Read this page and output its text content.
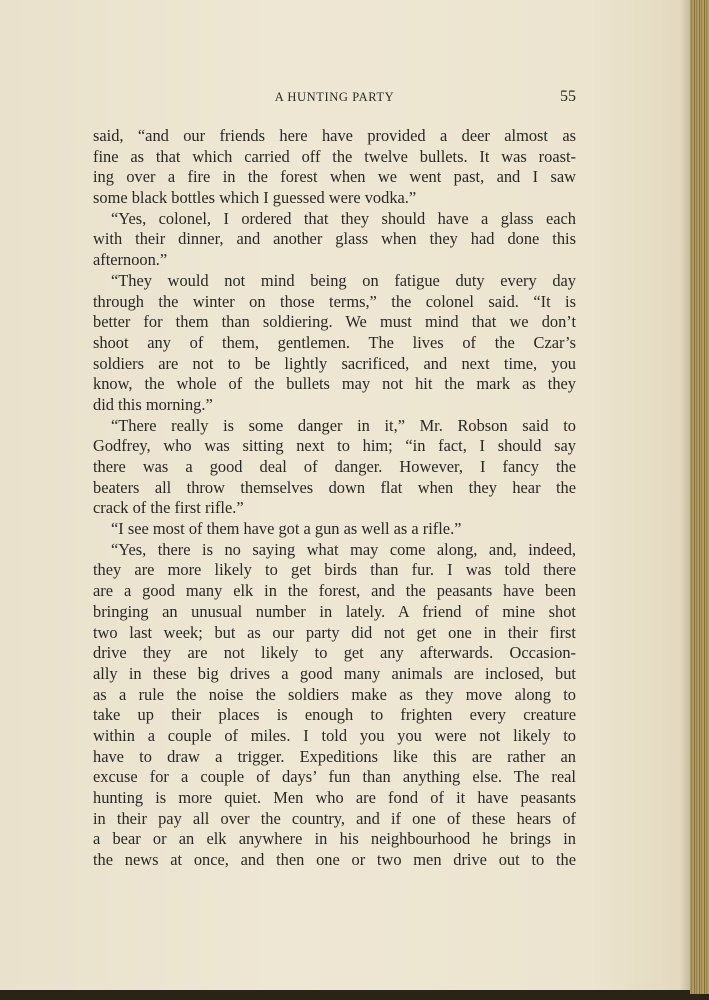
A HUNTING PARTY	55
said, “and our friends here have provided a deer almost as
fine as that which carried off the twelve bullets. It was roast-
ing over a fire in the forest when we went past, and I saw
some black bottles which I guessed were vodka.”
“Yes, colonel, I ordered that they should have a glass each
with their dinner, and another glass when they had done this
afternoon.”
“They would not mind being on fatigue duty every day
through the winter on those terms,” the colonel said. “It is
better for them than soldiering. We must mind that we don’t
shoot any of them, gentlemen. The lives of the Czar’s
soldiers are not to be lightly sacrificed, and next time, you
know, the whole of the bullets may not hit the mark as they
did this morning.”
“There really is some danger in it,” Mr. Robson said to
Godfrey, who was sitting next to him; “in fact, I should say
there was a good deal of danger. However, I fancy the
beaters all throw themselves down flat when they hear the
crack of the first rifle.”
“I see most of them have got a gun as well as a rifle.”
“Yes, there is no saying what may come along, and, indeed,
they are more likely to get birds than fur. I was told there
are a good many elk in the forest, and the peasants have been
bringing an unusual number in lately. A friend of mine shot
two last week; but as our party did not get one in their first
drive they are not likely to get any afterwards. Occasion-
ally in these big drives a good many animals are inclosed, but
as a rule the noise the soldiers make as they move along to
take up their places is enough to frighten every creature
within a couple of miles. I told you you were not likely to
have to draw a trigger. Expeditions like this are rather an
excuse for a couple of days’ fun than anything else. The real
hunting is more quiet. Men who are fond of it have peasants
in their pay all over the country, and if one of these hears of
a bear or an elk anywhere in his neighbourhood he brings in
the news at once, and then one or two men drive out to the
